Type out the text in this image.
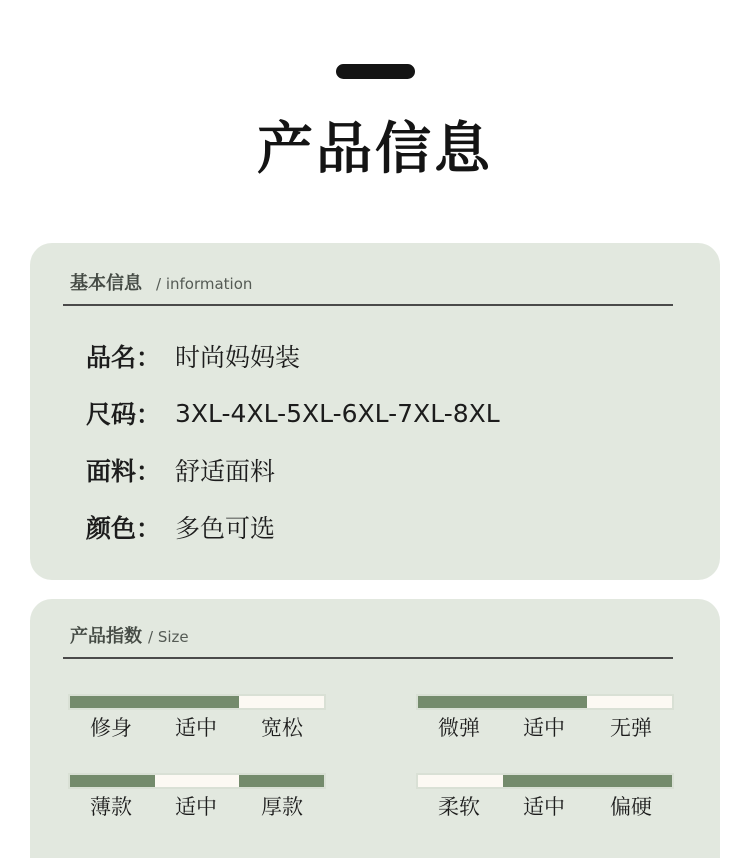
产品信息
基本信息 / information
品名： 时尚妈妈装
尺码： 3XL-4XL-5XL-6XL-7XL-8XL
面料： 舒适面料
颜色： 多色可选
产品指数 / Size
修身	适中	宽松	微弹	适中	无弹
薄款	适中	厚款	柔软	适中	偏硬
